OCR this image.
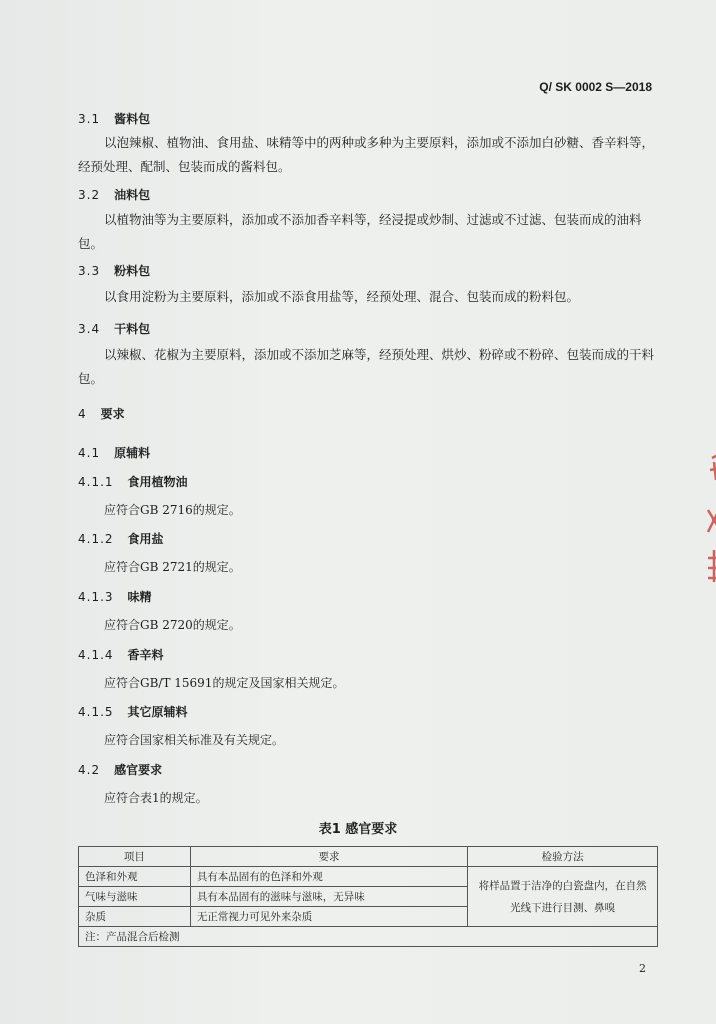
Q/ SK 0002 S—2018
3.1 酱料包
以泡辣椒、植物油、食用盐、味精等中的两种或多种为主要原料，添加或不添加白砂糖、香辛料等，经预处理、配制、包装而成的酱料包。
3.2 油料包
以植物油等为主要原料，添加或不添加香辛料等，经浸提或炒制、过滤或不过滤、包装而成的油料包。
3.3 粉料包
以食用淀粉为主要原料，添加或不添食用盐等，经预处理、混合、包装而成的粉料包。
3.4 干料包
以辣椒、花椒为主要原料，添加或不添加芝麻等，经预处理、烘炒、粉碎或不粉碎、包装而成的干料包。
4 要求
4.1 原辅料
4.1.1 食用植物油
应符合GB 2716的规定。
4.1.2 食用盐
应符合GB 2721的规定。
4.1.3 味精
应符合GB 2720的规定。
4.1.4 香辛料
应符合GB/T 15691的规定及国家相关规定。
4.1.5 其它原辅料
应符合国家相关标准及有关规定。
4.2 感官要求
应符合表1的规定。
表1 感官要求
项目	要求	检验方法
色泽和外观	具有本品固有的色泽和外观	将样品置于洁净的白瓷盘内，在自然光线下进行目测、鼻嗅

气味与滋味	具有本品固有的滋味与滋味，无异味	
杂质	无正常视力可见外来杂质	
注：产品混合后检测		
2
